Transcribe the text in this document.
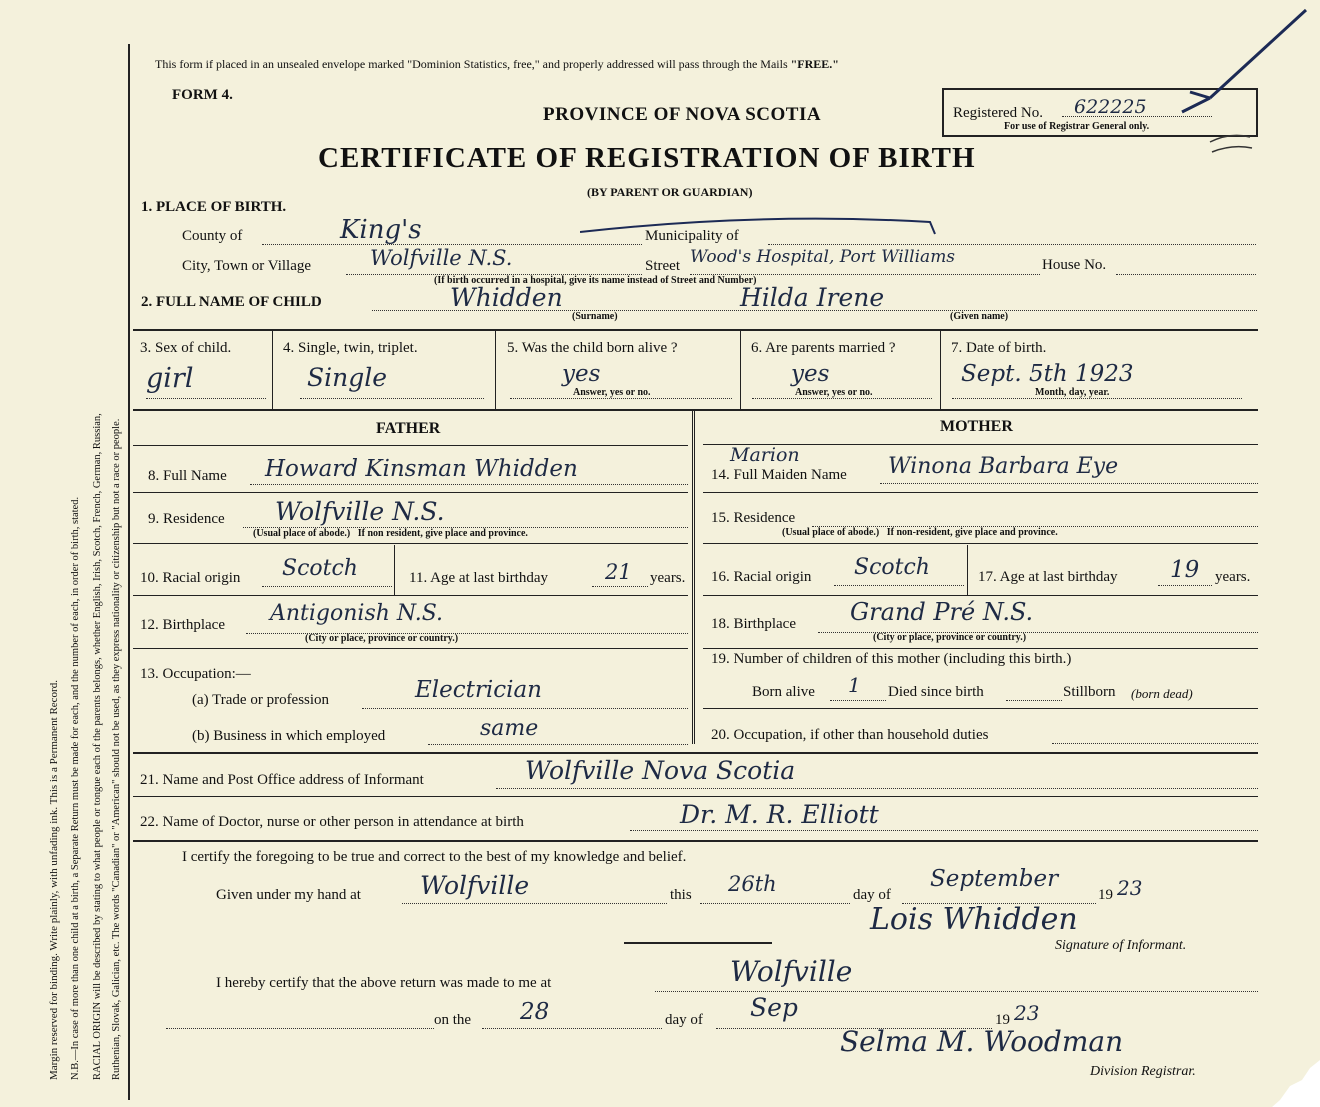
Margin reserved for binding. Write plainly, with unfading ink. This is a Permanent Record. N.B.—In case of more than one child at a birth, a Separate Return must be made for each, and the number of each, in order of birth, stated. RACIAL ORIGIN will be described by stating to what people or tongue each of the parents belongs, whether English, Irish, Scotch, French, German, Russian, Ruthenian, Slovak, Galician, etc. The words "Canadian" or "American" should not be used, as they express nationality or citizenship but not a race or people.
This form if placed in an unsealed envelope marked "Dominion Statistics, free," and properly addressed will pass through the Mails "FREE."
FORM 4.
PROVINCE OF NOVA SCOTIA
CERTIFICATE OF REGISTRATION OF BIRTH
(BY PARENT OR GUARDIAN)
Registered No. 622225
For use of Registrar General only.
1. PLACE OF BIRTH.
County of	King's	Municipality of
City, Town or Village	Wolfville N.S.	Street Wood's Hospital, Port Williams	House No.
(If birth occurred in a hospital, give its name instead of Street and Number)
2. FULL NAME OF CHILD	Whidden	Hilda Irene
(Surname)	(Given name)
3. Sex of child.
girl
4. Single, twin, triplet.
Single
5. Was the child born alive ?
yes
Answer, yes or no.
6. Are parents married ?
yes
Answer, yes or no.
7. Date of birth.
Sept. 5th 1923
Month, day, year.
FATHER	MOTHER
8. Full Name Howard Kinsman Whidden
9. Residence Wolfville N.S.
(Usual place of abode.)   If non resident, give place and province.
10. Racial origin Scotch	11. Age at last birthday	21 years.
12. Birthplace Antigonish N.S.
(City or place, province or country.)
13. Occupation:—
(a) Trade or profession	Electrician
(b) Business in which employed	same
Marion
14. Full Maiden Name Winona Barbara Eye
15. Residence
(Usual place of abode.)   If non-resident, give place and province.
16. Racial origin Scotch	17. Age at last birthday 19 years.
18. Birthplace Grand Pré N.S.
(City or place, province or country.)
19. Number of children of this mother (including this birth.)
Born alive 1 Died since birth	Stillborn (born dead)
20. Occupation, if other than household duties
21. Name and Post Office address of Informant	Wolfville Nova Scotia
22. Name of Doctor, nurse or other person in attendance at birth	Dr. M. R. Elliott
I certify the foregoing to be true and correct to the best of my knowledge and belief.
Given under my hand at Wolfville	this 26th	day of
September
19 23
Lois Whidden
Signature of Informant.
I hereby certify that the above return was made to me at	Wolfville
on the 28	day of Sep	19 23
Selma M. Woodman
Division Registrar.
